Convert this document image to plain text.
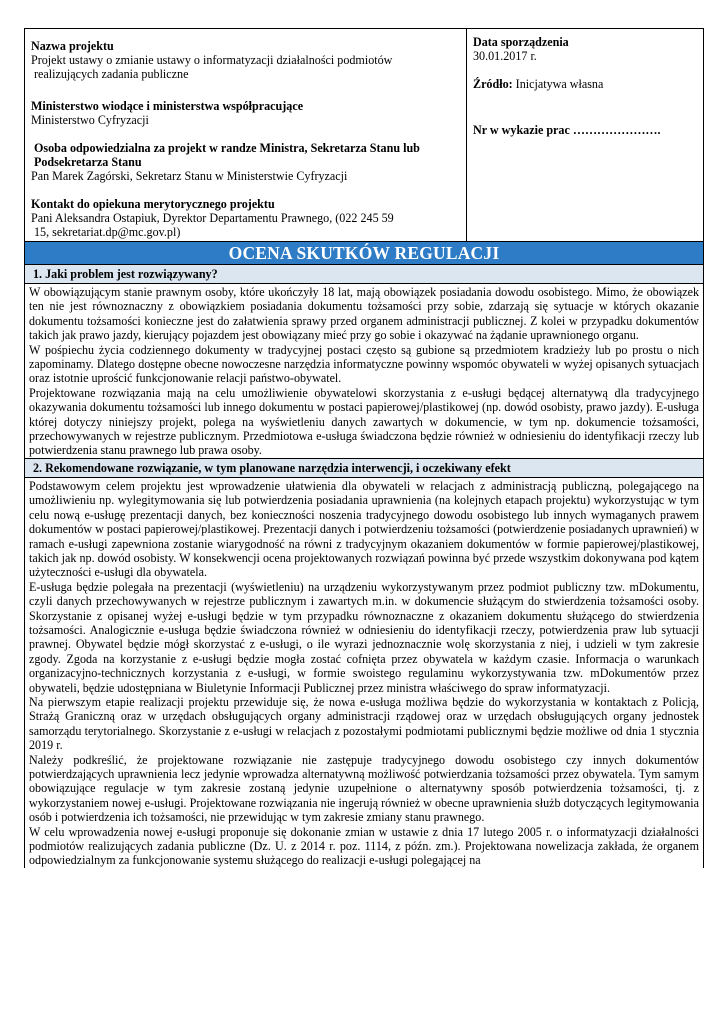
Nazwa projektu
Projekt ustawy o zmianie ustawy o informatyzacji działalności podmiotów
realizujących zadania publiczne
Ministerstwo wiodące i ministerstwa współpracujące
Ministerstwo Cyfryzacji
Osoba odpowiedzialna za projekt w randze Ministra, Sekretarza Stanu lub
Podsekretarza Stanu
Pan Marek Zagórski, Sekretarz Stanu w Ministerstwie Cyfryzacji
Kontakt do opiekuna merytorycznego projektu
Pani Aleksandra Ostapiuk, Dyrektor Departamentu Prawnego, (022 245 59
15, sekretariat.dp@mc.gov.pl)

Data sporządzenia
30.01.2017 r.
Źródło: Inicjatywa własna
Nr w wykazie prac ………………….

OCENA SKUTKÓW REGULACJI
1. Jaki problem jest rozwiązywany?

W obowiązującym stanie prawnym osoby, które ukończyły 18 lat, mają obowiązek posiadania dowodu osobistego. Mimo, że obowiązek ten nie jest równoznaczny z obowiązkiem posiadania dokumentu tożsamości przy sobie, zdarzają się sytuacje w których okazanie dokumentu tożsamości konieczne jest do załatwienia sprawy przed organem administracji publicznej. Z kolei w przypadku dokumentów takich jak prawo jazdy, kierujący pojazdem jest obowiązany mieć przy go sobie i okazywać na żądanie uprawnionego organu.

W pośpiechu życia codziennego dokumenty w tradycyjnej postaci często są gubione są przedmiotem kradzieży lub po prostu o nich zapominamy. Dlatego dostępne obecne nowoczesne narzędzia informatyczne powinny wspomóc obywateli w wyżej opisanych sytuacjach oraz istotnie uprościć funkcjonowanie relacji państwo-obywatel.

Projektowane rozwiązania mają na celu umożliwienie obywatelowi skorzystania z e-usługi będącej alternatywą dla tradycyjnego okazywania dokumentu tożsamości lub innego dokumentu w postaci papierowej/plastikowej (np. dowód osobisty, prawo jazdy). E-usługa której dotyczy niniejszy projekt, polega na wyświetleniu danych zawartych w dokumencie, w tym np. dokumencie tożsamości, przechowywanych w rejestrze publicznym. Przedmiotowa e-usługa świadczona będzie również w odniesieniu do identyfikacji rzeczy lub potwierdzenia stanu prawnego lub prawa osoby.

2. Rekomendowane rozwiązanie, w tym planowane narzędzia interwencji, i oczekiwany efekt

Podstawowym celem projektu jest wprowadzenie ułatwienia dla obywateli w relacjach z administracją publiczną, polegającego na umożliwieniu np. wylegitymowania się lub potwierdzenia posiadania uprawnienia (na kolejnych etapach projektu) wykorzystując w tym celu nową e-usługę prezentacji danych, bez konieczności noszenia tradycyjnego dowodu osobistego lub innych wymaganych prawem dokumentów w postaci papierowej/plastikowej. Prezentacji danych i potwierdzeniu tożsamości (potwierdzenie posiadanych uprawnień) w ramach e-usługi zapewniona zostanie wiarygodność na równi z tradycyjnym okazaniem dokumentów w formie papierowej/plastikowej, takich jak np. dowód osobisty. W konsekwencji ocena projektowanych rozwiązań powinna być przede wszystkim dokonywana pod kątem użyteczności e-usługi dla obywatela.

E-usługa będzie polegała na prezentacji (wyświetleniu) na urządzeniu wykorzystywanym przez podmiot publiczny tzw. mDokumentu, czyli danych przechowywanych w rejestrze publicznym i zawartych m.in. w dokumencie służącym do stwierdzenia tożsamości osoby. Skorzystanie z opisanej wyżej e-usługi będzie w tym przypadku równoznaczne z okazaniem dokumentu służącego do stwierdzenia tożsamości. Analogicznie e-usługa będzie świadczona również w odniesieniu do identyfikacji rzeczy, potwierdzenia praw lub sytuacji prawnej. Obywatel będzie mógł skorzystać z e-usługi, o ile wyrazi jednoznacznie wolę skorzystania z niej, i udzieli w tym zakresie zgody. Zgoda na korzystanie z e-usługi będzie mogła zostać cofnięta przez obywatela w każdym czasie. Informacja o warunkach organizacyjno-technicznych korzystania z e-usługi, w formie swoistego regulaminu wykorzystywania tzw. mDokumentów przez obywateli, będzie udostępniana w Biuletynie Informacji Publicznej przez ministra właściwego do spraw informatyzacji.

Na pierwszym etapie realizacji projektu przewiduje się, że nowa e-usługa możliwa będzie do wykorzystania w kontaktach z Policją, Strażą Graniczną oraz w urzędach obsługujących organy administracji rządowej oraz w urzędach obsługujących organy jednostek samorządu terytorialnego. Skorzystanie z e-usługi w relacjach z pozostałymi podmiotami publicznymi będzie możliwe od dnia 1 stycznia 2019 r.

Należy podkreślić, że projektowane rozwiązanie nie zastępuje tradycyjnego dowodu osobistego czy innych dokumentów potwierdzających uprawnienia lecz jedynie wprowadza alternatywną możliwość potwierdzania tożsamości przez obywatela. Tym samym obowiązujące regulacje w tym zakresie zostaną jedynie uzupełnione o alternatywny sposób potwierdzenia tożsamości, tj. z wykorzystaniem nowej e-usługi. Projektowane rozwiązania nie ingerują również w obecne uprawnienia służb dotyczących legitymowania osób i potwierdzenia ich tożsamości, nie przewidując w tym zakresie zmiany stanu prawnego.

W celu wprowadzenia nowej e-usługi proponuje się dokonanie zmian w ustawie z dnia 17 lutego 2005 r. o informatyzacji działalności podmiotów realizujących zadania publiczne (Dz. U. z 2014 r. poz. 1114, z późn. zm.). Projektowana nowelizacja zakłada, że organem odpowiedzialnym za funkcjonowanie systemu służącego do realizacji e-usługi polegającej na
